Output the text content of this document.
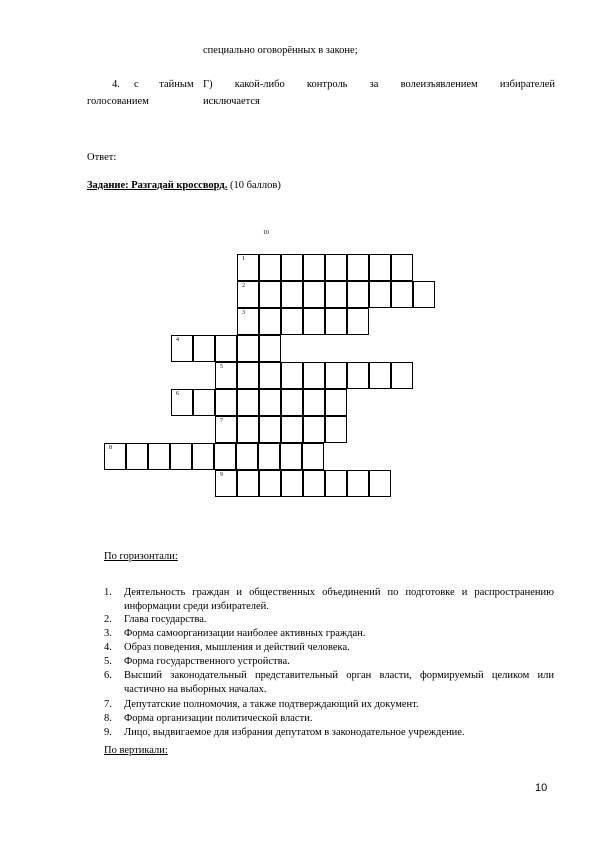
специально оговорённых в законе;
4. с тайным
голосованием
Г) какой-либо контроль за волеизъявлением избирателей
исключается
Ответ:
Задание: Разгадай кроссворд. (10 баллов)
10
1
2
3
4
5
6
7
8
9
По горизонтали:
1.	Деятельность граждан и общественных объединений по подготовке и распространению информации среди избирателей.
2.	Глава государства.
3.	Форма самоорганизации наиболее активных граждан.
4.	Образ поведения, мышления и действий человека.
5.	Форма государственного устройства.
6.	Высший законодательный представительный орган власти, формируемый целиком или частично на выборных началах.
7.	Депутатские полномочия, а также подтверждающий их документ.
8.	Форма организации политической власти.
9.	Лицо, выдвигаемое для избрания депутатом в законодательное учреждение.
По вертикали:
10
